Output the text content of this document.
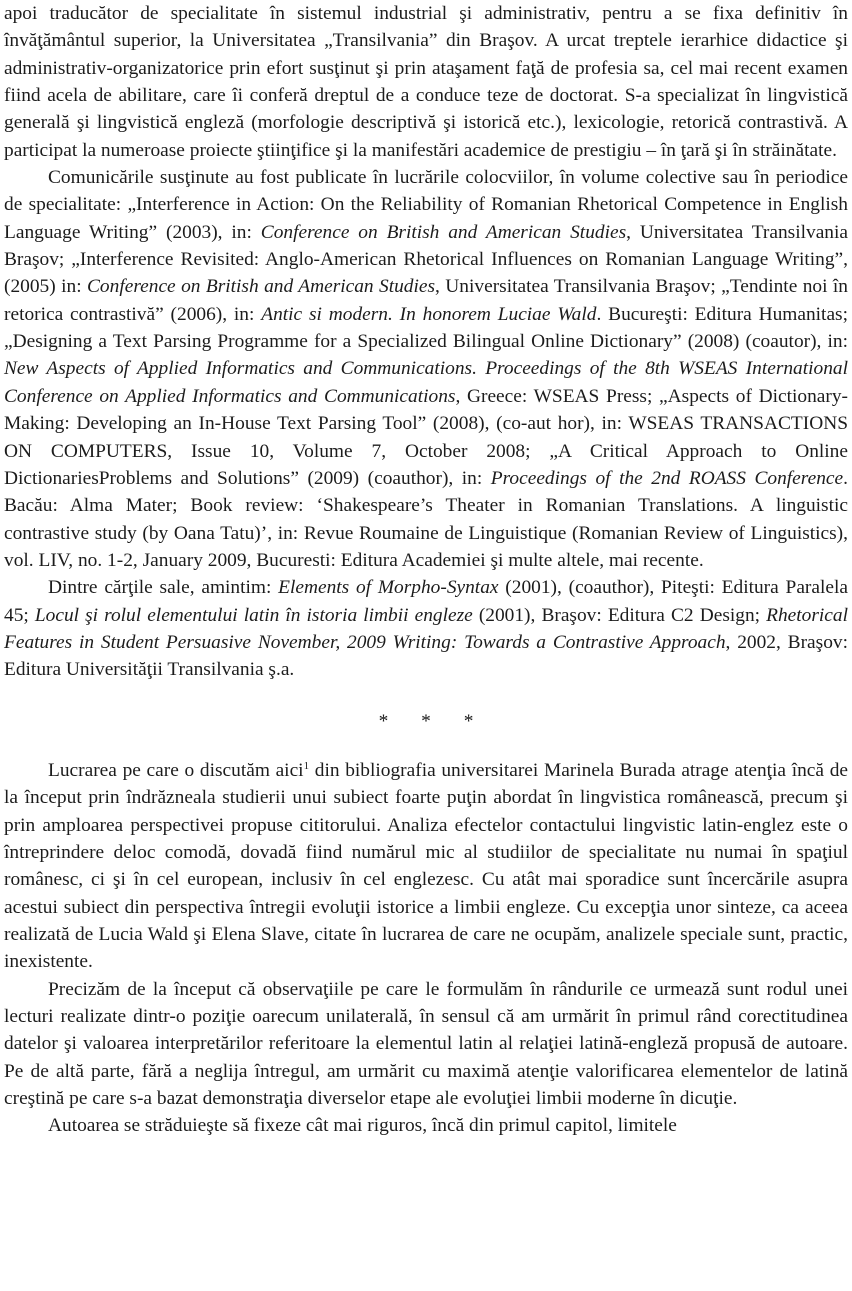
apoi traducător de specialitate în sistemul industrial şi administrativ, pentru a se fixa definitiv în învăţământul superior, la Universitatea „Transilvania” din Braşov. A urcat treptele ierarhice didactice şi administrativ-organizatorice prin efort susţinut şi prin ataşament faţă de profesia sa, cel mai recent examen fiind acela de abilitare, care îi conferă dreptul de a conduce teze de doctorat. S-a specializat în lingvistică generală şi lingvistică engleză (morfologie descriptivă şi istorică etc.), lexicologie, retorică contrastivă. A participat la numeroase proiecte ştiinţifice şi la manifestări academice de prestigiu – în ţară şi în străinătate.

Comunicările susţinute au fost publicate în lucrările colocviilor, în volume colective sau în periodice de specialitate: „Interference in Action: On the Reliability of Romanian Rhetorical Competence in English Language Writing” (2003), in: Conference on British and American Studies, Universitatea Transilvania Braşov; „Interference Revisited: Anglo-American Rhetorical Influences on Romanian Language Writing”, (2005) in: Conference on British and American Studies, Universitatea Transilvania Braşov; „Tendinte noi în retorica contrastivă” (2006), in: Antic si modern. In honorem Luciae Wald. Bucureşti: Editura Humanitas; „Designing a Text Parsing Programme for a Specialized Bilingual Online Dictionary” (2008) (coautor), in: New Aspects of Applied Informatics and Communications. Proceedings of the 8th WSEAS International Conference on Applied Informatics and Communications, Greece: WSEAS Press; „Aspects of Dictionary-Making: Developing an In-House Text Parsing Tool” (2008), (co-aut hor), in: WSEAS TRANSACTIONS ON COMPUTERS, Issue 10, Volume 7, October 2008; „A Critical Approach to Online DictionariesProblems and Solutions” (2009) (coauthor), in: Proceedings of the 2nd ROASS Conference. Bacău: Alma Mater; Book review: ‘Shakespeare’s Theater in Romanian Translations. A linguistic contrastive study (by Oana Tatu)’, in: Revue Roumaine de Linguistique (Romanian Review of Linguistics), vol. LIV, no. 1-2, January 2009, Bucuresti: Editura Academiei şi multe altele, mai recente.

Dintre cărţile sale, amintim: Elements of Morpho-Syntax (2001), (coauthor), Piteşti: Editura Paralela 45; Locul şi rolul elementului latin în istoria limbii engleze (2001), Braşov: Editura C2 Design; Rhetorical Features in Student Persuasive November, 2009 Writing: Towards a Contrastive Approach, 2002, Braşov: Editura Universităţii Transilvania ş.a.

* * *

Lucrarea pe care o discutăm aici$^1$ din bibliografia universitarei Marinela Burada atrage atenţia încă de la început prin îndrăzneala studierii unui subiect foarte puţin abordat în lingvistica românească, precum şi prin amploarea perspectivei propuse cititorului. Analiza efectelor contactului lingvistic latin-englez este o întreprindere deloc comodă, dovadă fiind numărul mic al studiilor de specialitate nu numai în spaţiul românesc, ci şi în cel european, inclusiv în cel englezesc. Cu atât mai sporadice sunt încercările asupra acestui subiect din perspectiva întregii evoluţii istorice a limbii engleze. Cu excepţia unor sinteze, ca aceea realizată de Lucia Wald şi Elena Slave, citate în lucrarea de care ne ocupăm, analizele speciale sunt, practic, inexistente.

Precizăm de la început că observaţiile pe care le formulăm în rândurile ce urmează sunt rodul unei lecturi realizate dintr-o poziţie oarecum unilaterală, în sensul că am urmărit în primul rând corectitudinea datelor şi valoarea interpretărilor referitoare la elementul latin al relaţiei latină-engleză propusă de autoare. Pe de altă parte, fără a neglija întregul, am urmărit cu maximă atenţie valorificarea elementelor de latină creştină pe care s-a bazat demonstraţia diverselor etape ale evoluţiei limbii moderne în dicuţie.

Autoarea se străduieşte să fixeze cât mai riguros, încă din primul capitol, limitele
